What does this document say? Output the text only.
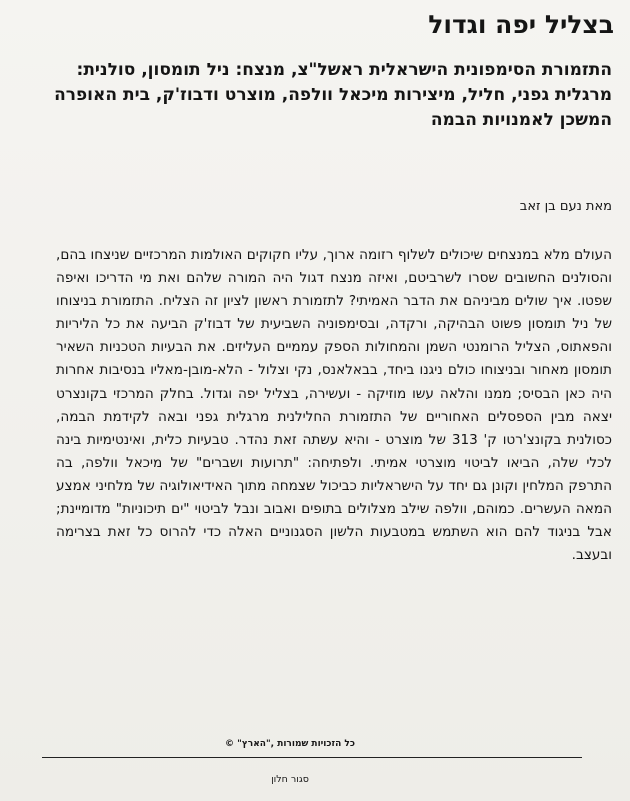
בצליל יפה וגדול
התזמורת הסימפונית הישראלית ראשל"צ, מנצח: ניל תומסון, סולנית: מרגלית גפני, חליל, מיצירות מיכאל וולפה, מוצרט ודבוז'ק, בית האופרה המשכן לאמנויות הבמה

מאת נעם בן זאב

העולם מלא במנצחים שיכולים לשלוף רזומה ארוך, עליו חקוקים האולמות המרכזיים שניצחו בהם, והסולנים החשובים שסרו לשרביטם, ואיזה מנצח דגול היה המורה שלהם ואת מי הדריכו ואיפה שפטו. איך שולים מביניהם את הדבר האמיתי? לתזמורת ראשון לציון זה הצליח. התזמורת בניצוחו של ניל תומסון פשוט הבהיקה, ורקדה, ובסימפוניה השביעית של דבוז'ק הביעה את כל הליריות והפאתוס, הצליל הרומנטי השמן והמחולות הספק עממיים העליזים. את הבעיות הטכניות השאיר תומסון מאחור ובניצוחו כולם ניגנו ביחד, בבאלאנס, נקי וצלול - הלא-מובן-מאליו בנסיבות אחרות היה כאן הבסיס; ממנו והלאה עשו מוזיקה - ועשירה, בצליל יפה וגדול. בחלק המרכזי בקונצרט יצאה מבין הספסלים האחוריים של התזמורת החלילנית מרגלית גפני ובאה לקידמת הבמה, כסולנית בקונצ'רטו ק' 313 של מוצרט - והיא עשתה זאת נהדר. טבעיות כלית, ואינטימיות בינה לכלי שלה, הביאו לביטוי מוצרטי אמיתי. ולפתיחה: "תרועות ושברים" של מיכאל וולפה, בה התרפק המלחין וקונן גם יחד על הישראליות כביכול שצמחה מתוך האידיאולוגיה של מלחיני אמצע המאה העשרים. כמוהם, וולפה שילב מצלולים בתופים ואבוב ונבל לביטוי "ים תיכוניות" מדומיינת; אבל בניגוד להם הוא השתמש במטבעות הלשון הסגנוניים האלה כדי להרוס כל זאת בצרימה ובעצב.

כל הזכויות שמורות ,"הארץ" ©
סגור חלון
